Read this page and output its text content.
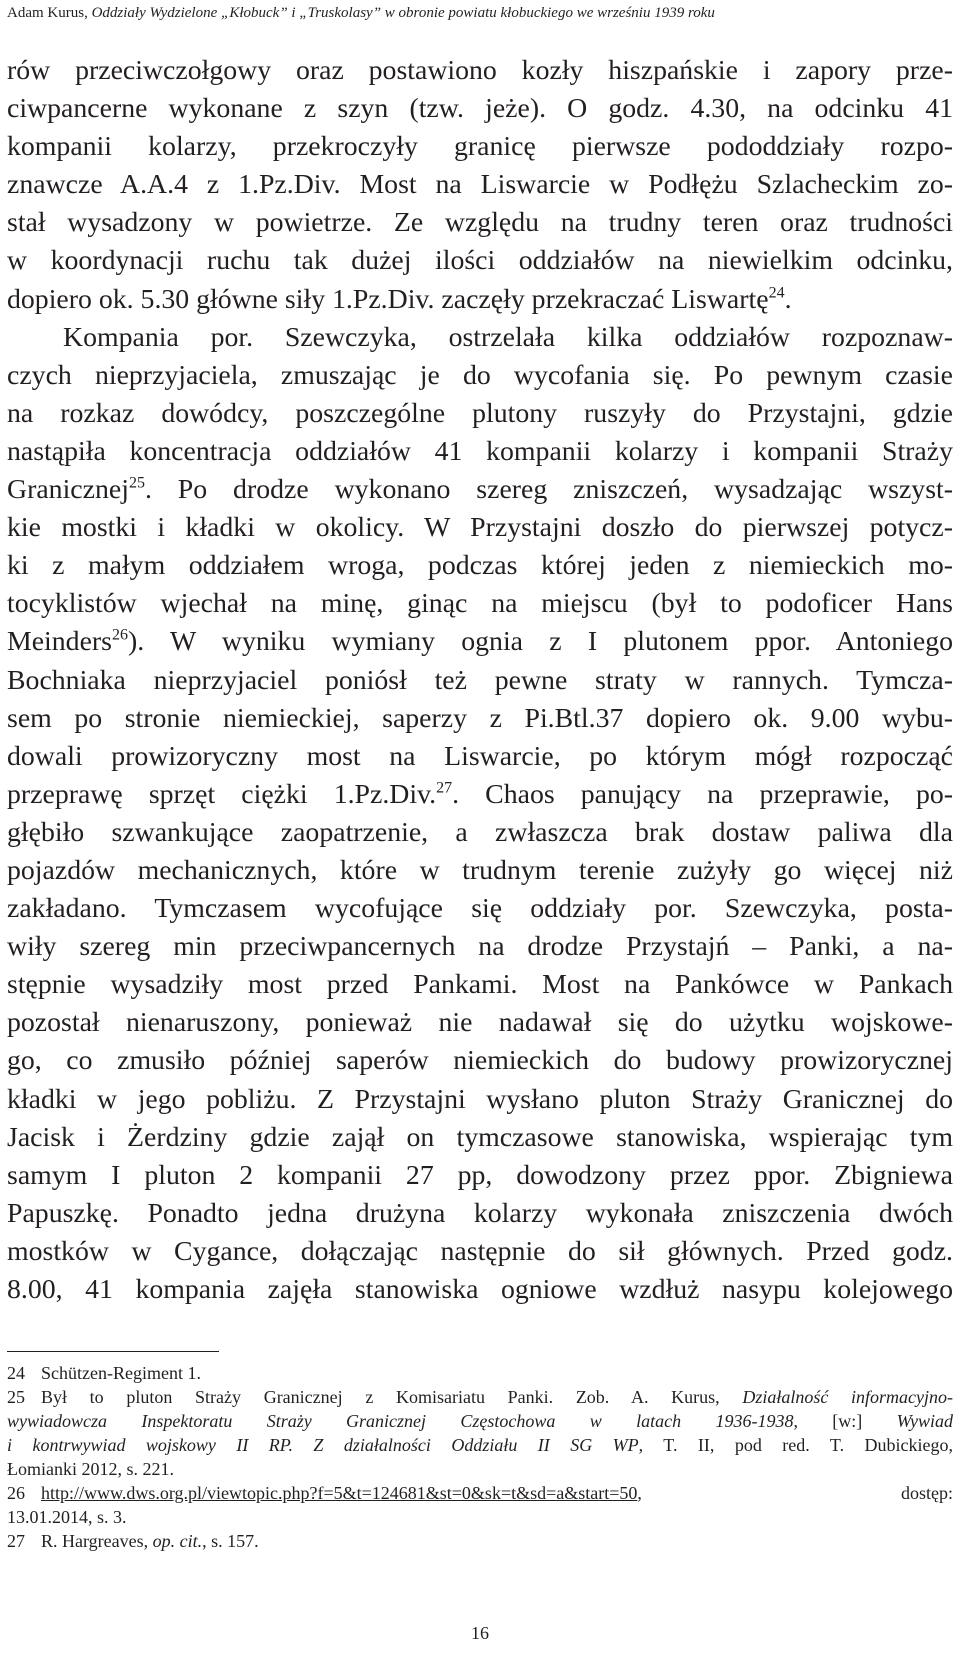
Adam Kurus, Oddziały Wydzielone „Kłobuck” i „Truskolasy” w obronie powiatu kłobuckiego we wrześniu 1939 roku
rów przeciwczołgowy oraz postawiono kozły hiszpańskie i zapory prze-
ciwpancerne wykonane z szyn (tzw. jeże). O godz. 4.30, na odcinku 41
kompanii kolarzy, przekroczyły granicę pierwsze pododdziały rozpo-
znawcze A.A.4 z 1.Pz.Div. Most na Liswarcie w Podłężu Szlacheckim zo-
stał wysadzony w powietrze. Ze względu na trudny teren oraz trudności
w koordynacji ruchu tak dużej ilości oddziałów na niewielkim odcinku,
dopiero ok. 5.30 główne siły 1.Pz.Div. zaczęły przekraczać Liswartę$^{24}$.
Kompania por. Szewczyka, ostrzelała kilka oddziałów rozpoznaw-
czych nieprzyjaciela, zmuszając je do wycofania się. Po pewnym czasie
na rozkaz dowódcy, poszczególne plutony ruszyły do Przystajni, gdzie
nastąpiła koncentracja oddziałów 41 kompanii kolarzy i kompanii Straży
Granicznej$^{25}$. Po drodze wykonano szereg zniszczeń, wysadzając wszyst-
kie mostki i kładki w okolicy. W Przystajni doszło do pierwszej potycz-
ki z małym oddziałem wroga, podczas której jeden z niemieckich mo-
tocyklistów wjechał na minę, ginąc na miejscu (był to podoficer Hans
Meinders$^{26}$). W wyniku wymiany ognia z I plutonem ppor. Antoniego
Bochniaka nieprzyjaciel poniósł też pewne straty w rannych. Tymcza-
sem po stronie niemieckiej, saperzy z Pi.Btl.37 dopiero ok. 9.00 wybu-
dowali prowizoryczny most na Liswarcie, po którym mógł rozpocząć
przeprawę sprzęt ciężki 1.Pz.Div.$^{27}$. Chaos panujący na przeprawie, po-
głębiło szwankujące zaopatrzenie, a zwłaszcza brak dostaw paliwa dla
pojazdów mechanicznych, które w trudnym terenie zużyły go więcej niż
zakładano. Tymczasem wycofujące się oddziały por. Szewczyka, posta-
wiły szereg min przeciwpancernych na drodze Przystajń – Panki, a na-
stępnie wysadziły most przed Pankami. Most na Pankówce w Pankach
pozostał nienaruszony, ponieważ nie nadawał się do użytku wojskowe-
go, co zmusiło później saperów niemieckich do budowy prowizorycznej
kładki w jego pobliżu. Z Przystajni wysłano pluton Straży Granicznej do
Jacisk i Żerdziny gdzie zajął on tymczasowe stanowiska, wspierając tym
samym I pluton 2 kompanii 27 pp, dowodzony przez ppor. Zbigniewa
Papuszkę. Ponadto jedna drużyna kolarzy wykonała zniszczenia dwóch
mostków w Cygance, dołączając następnie do sił głównych. Przed godz.
8.00, 41 kompania zajęła stanowiska ogniowe wzdłuż nasypu kolejowego
24 Schützen-Regiment 1.
25 Był to pluton Straży Granicznej z Komisariatu Panki. Zob. A. Kurus, Działalność informacyjno-
wywiadowcza Inspektoratu Straży Granicznej Częstochowa w latach 1936-1938, [w:] Wywiad
i kontrwywiad wojskowy II RP. Z działalności Oddziału II SG WP, T. II, pod red. T. Dubickiego,
Łomianki 2012, s. 221.
26 http://www.dws.org.pl/viewtopic.php?f=5&t=124681&st=0&sk=t&sd=a&start=50, dostęp:
13.01.2014, s. 3.
27 R. Hargreaves, op. cit., s. 157.
16
